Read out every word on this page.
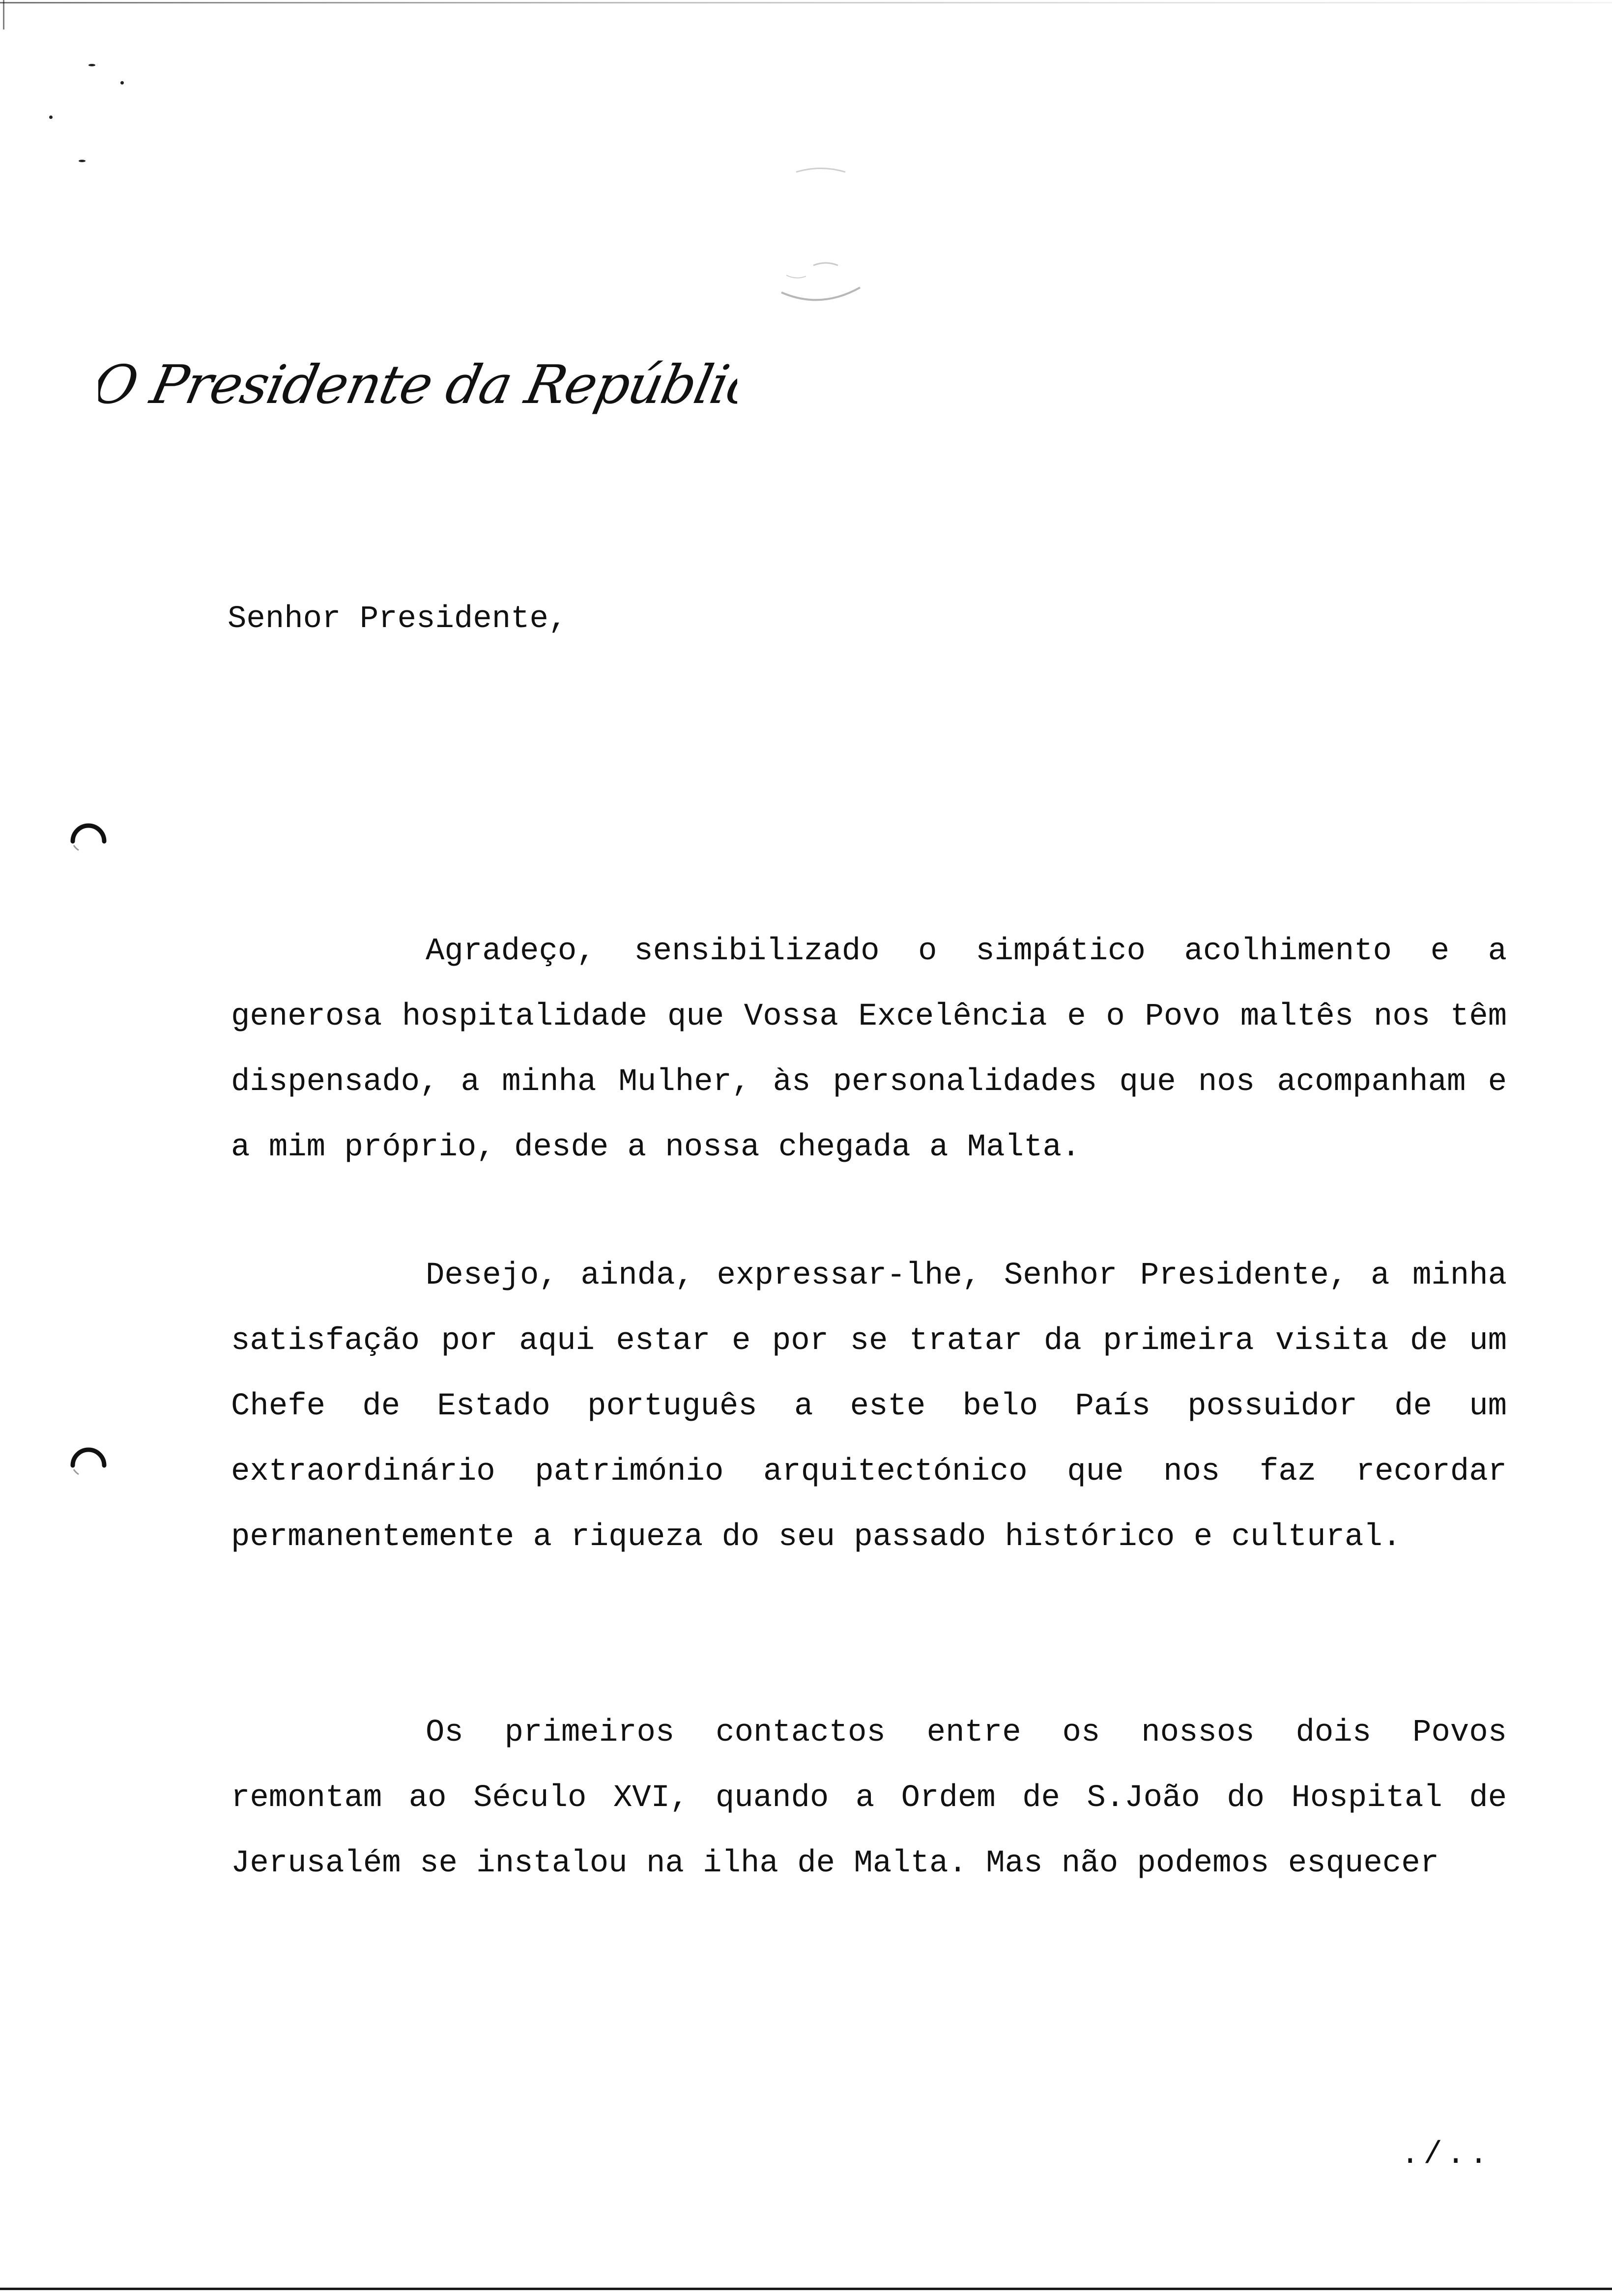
O Presidente da República
Senhor Presidente,

Agradeço, sensibilizado o simpático acolhimento e a generosa hospitalidade que Vossa Excelência e o Povo maltês nos têm dispensado, a minha Mulher, às personalidades que nos acompanham e a mim próprio, desde a nossa chegada a Malta.

Desejo, ainda, expressar-lhe, Senhor Presidente, a minha satisfação por aqui estar e por se tratar da primeira visita de um Chefe de Estado português a este belo País possuidor de um extraordinário património arquitectónico que nos faz recordar permanentemente a riqueza do seu passado histórico e cultural.

Os primeiros contactos entre os nossos dois Povos remontam ao Século XVI, quando a Ordem de S.João do Hospital de Jerusalém se instalou na ilha de Malta. Mas não podemos esquecer

./..
